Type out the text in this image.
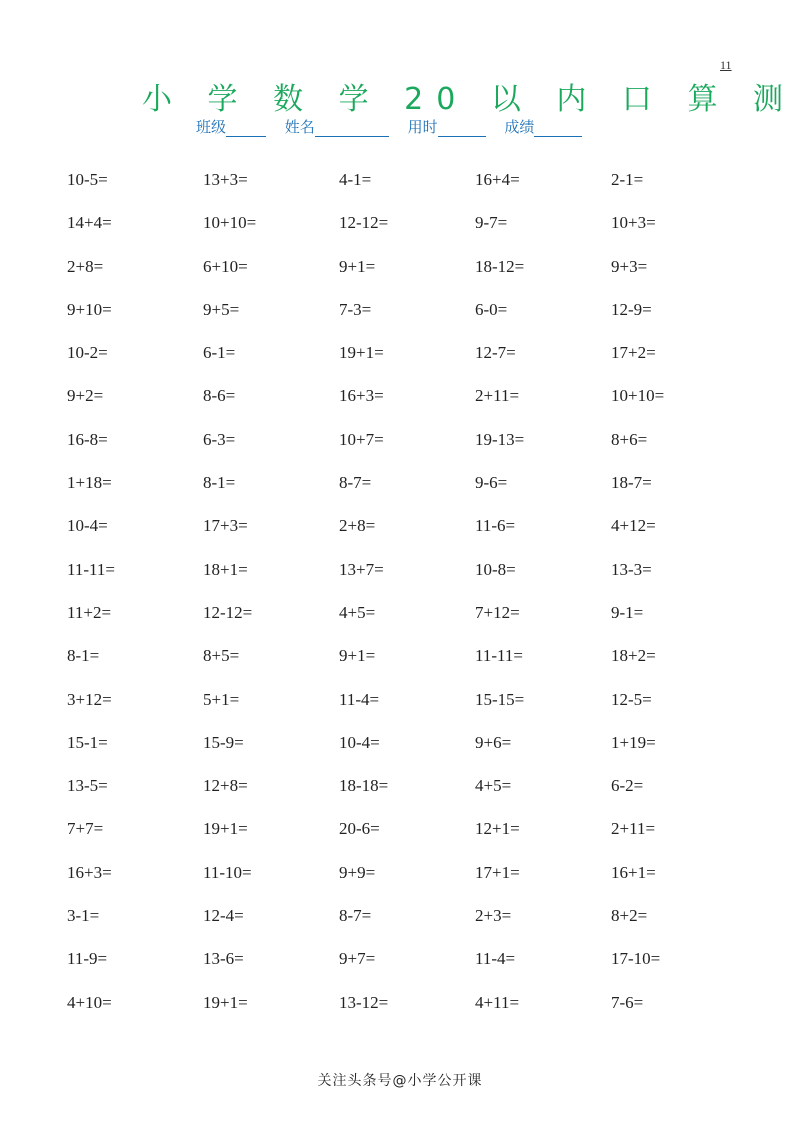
11
小 学 数 学 20 以 内 口 算 测
班级	姓名	用时	成绩
10-5=	13+3=	4-1=	16+4=	2-1=
14+4=	10+10=	12-12=	9-7=	10+3=
2+8=	6+10=	9+1=	18-12=	9+3=
9+10=	9+5=	7-3=	6-0=	12-9=
10-2=	6-1=	19+1=	12-7=	17+2=
9+2=	8-6=	16+3=	2+11=	10+10=
16-8=	6-3=	10+7=	19-13=	8+6=
1+18=	8-1=	8-7=	9-6=	18-7=
10-4=	17+3=	2+8=	11-6=	4+12=
11-11=	18+1=	13+7=	10-8=	13-3=
11+2=	12-12=	4+5=	7+12=	9-1=
8-1=	8+5=	9+1=	11-11=	18+2=
3+12=	5+1=	11-4=	15-15=	12-5=
15-1=	15-9=	10-4=	9+6=	1+19=
13-5=	12+8=	18-18=	4+5=	6-2=
7+7=	19+1=	20-6=	12+1=	2+11=
16+3=	11-10=	9+9=	17+1=	16+1=
3-1=	12-4=	8-7=	2+3=	8+2=
11-9=	13-6=	9+7=	11-4=	17-10=
4+10=	19+1=	13-12=	4+11=	7-6=
关注头条号@小学公开课
